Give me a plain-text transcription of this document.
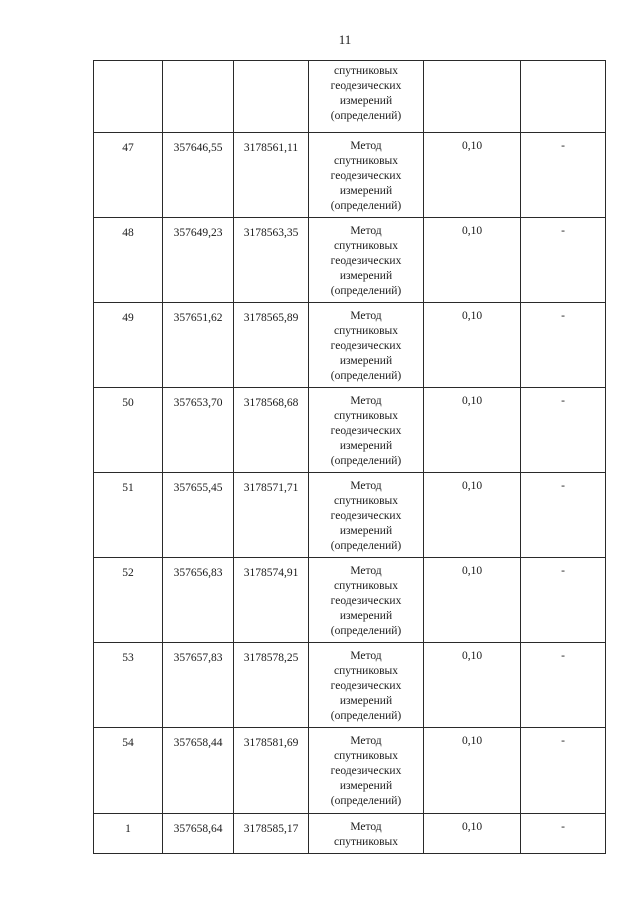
11

			спутниковых
геодезических
измерений
(определений)		

47	357646,55	3178561,11	Метод
спутниковых
геодезических
измерений
(определений)	0,10	-
48	357649,23	3178563,35	Метод
спутниковых
геодезических
измерений
(определений)	0,10	-
49	357651,62	3178565,89	Метод
спутниковых
геодезических
измерений
(определений)	0,10	-
50	357653,70	3178568,68	Метод
спутниковых
геодезических
измерений
(определений)	0,10	-
51	357655,45	3178571,71	Метод
спутниковых
геодезических
измерений
(определений)	0,10	-
52	357656,83	3178574,91	Метод
спутниковых
геодезических
измерений
(определений)	0,10	-
53	357657,83	3178578,25	Метод
спутниковых
геодезических
измерений
(определений)	0,10	-
54	357658,44	3178581,69	Метод
спутниковых
геодезических
измерений
(определений)	0,10	-
1	357658,64	3178585,17	Метод
спутниковых	0,10	-
